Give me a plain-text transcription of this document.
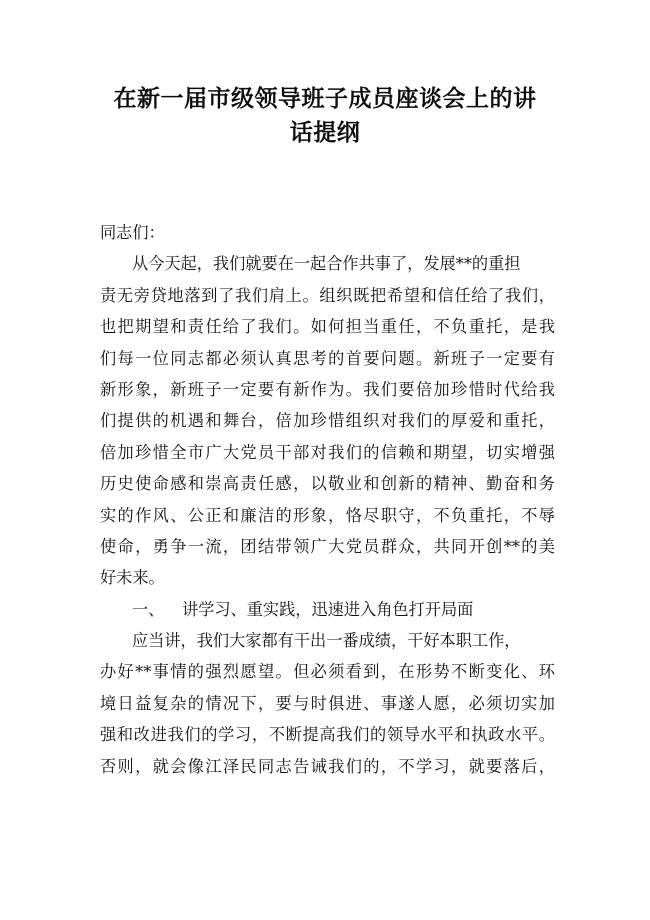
在新一届市级领导班子成员座谈会上的讲
话提纲
同志们：
从今天起，我们就要在一起合作共事了，发展**的重担
责无旁贷地落到了我们肩上。组织既把希望和信任给了我们，
也把期望和责任给了我们。如何担当重任，不负重托，是我
们每一位同志都必须认真思考的首要问题。新班子一定要有
新形象，新班子一定要有新作为。我们要倍加珍惜时代给我
们提供的机遇和舞台，倍加珍惜组织对我们的厚爱和重托，
倍加珍惜全市广大党员干部对我们的信赖和期望，切实增强
历史使命感和崇高责任感，以敬业和创新的精神、勤奋和务
实的作风、公正和廉洁的形象，恪尽职守，不负重托，不辱
使命，勇争一流，团结带领广大党员群众，共同开创**的美
好未来。
一、 讲学习、重实践，迅速进入角色打开局面
应当讲，我们大家都有干出一番成绩，干好本职工作，
办好**事情的强烈愿望。但必须看到，在形势不断变化、环
境日益复杂的情况下，要与时俱进、事遂人愿，必须切实加
强和改进我们的学习，不断提高我们的领导水平和执政水平。
否则，就会像江泽民同志告诫我们的，不学习，就要落后，
